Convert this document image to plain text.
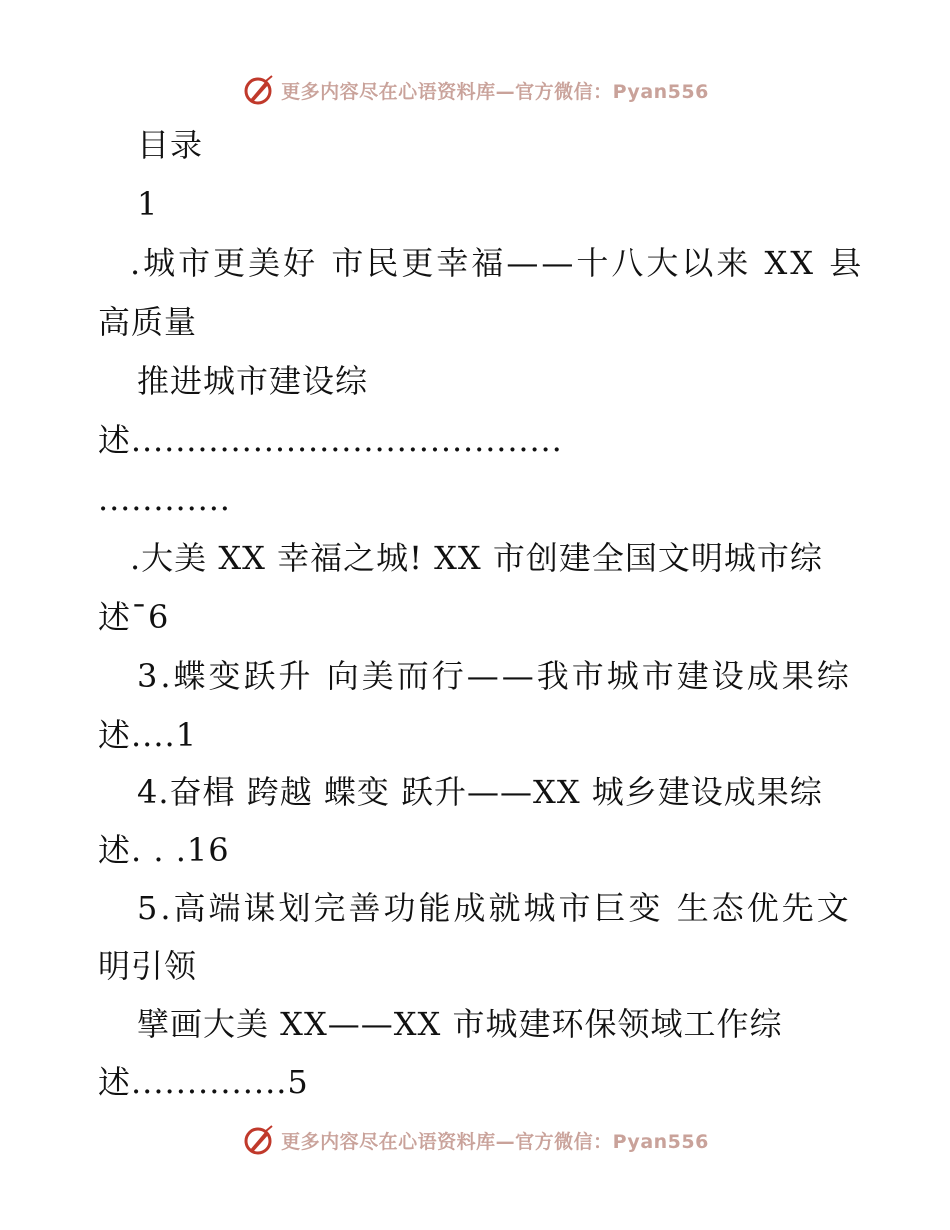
更多内容尽在心语资料库—官方微信：Pyan556
目录
1
.城市更美好 市民更幸福——十八大以来 XX 县
高质量
推进城市建设综
述.......................................
............
.大美 XX 幸福之城! XX 市创建全国文明城市综
述¯6
3.蝶变跃升 向美而行——我市城市建设成果综
述....1
4.奋楫 跨越 蝶变 跃升——XX 城乡建设成果综
述. . .16
5.高端谋划完善功能成就城市巨变 生态优先文
明引领
擘画大美 XX——XX 市城建环保领域工作综
述..............5
更多内容尽在心语资料库—官方微信：Pyan556
